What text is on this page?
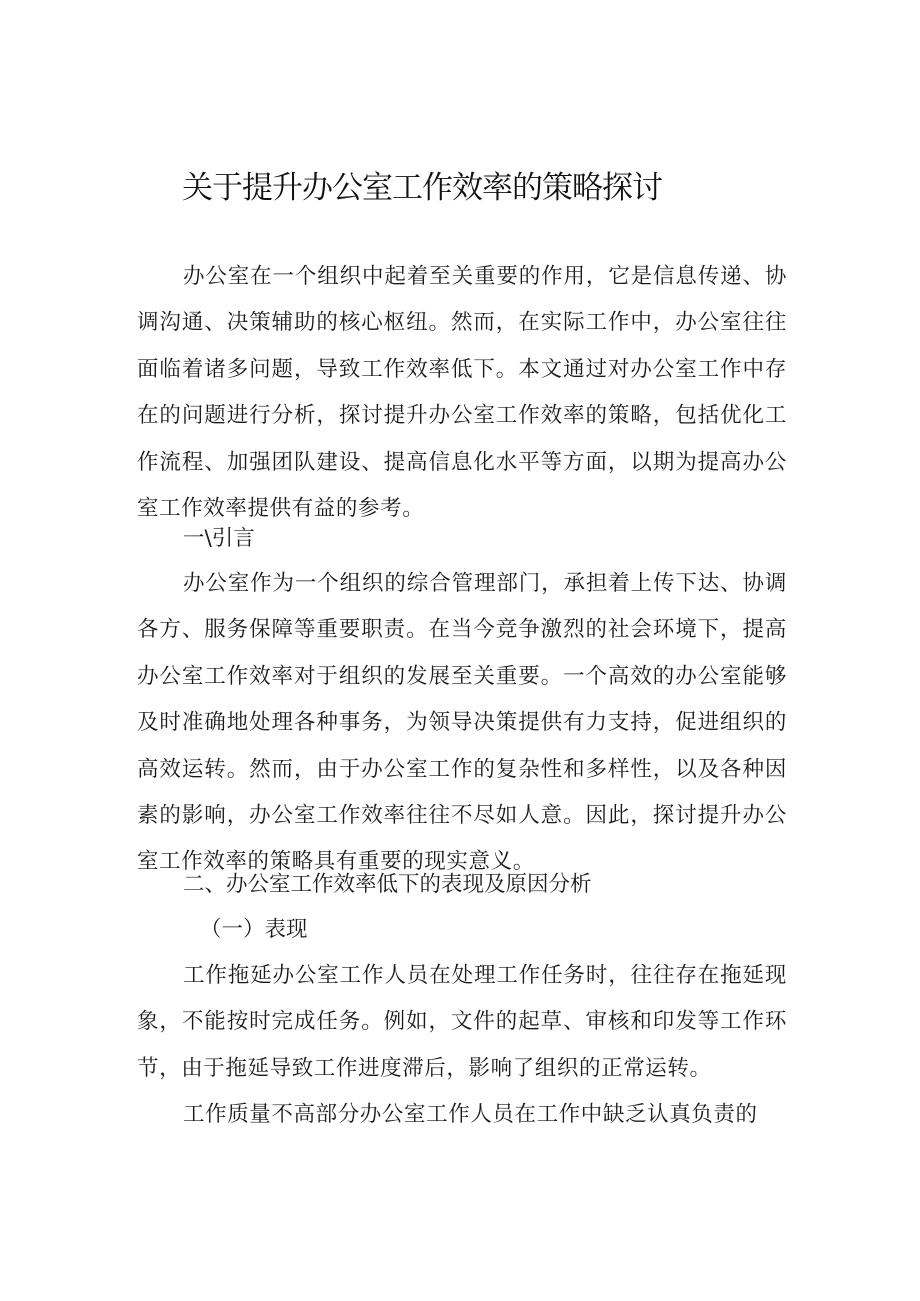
关于提升办公室工作效率的策略探讨

办公室在一个组织中起着至关重要的作用，它是信息传递、协调沟通、决策辅助的核心枢纽。然而，在实际工作中，办公室往往面临着诸多问题，导致工作效率低下。本文通过对办公室工作中存在的问题进行分析，探讨提升办公室工作效率的策略，包括优化工作流程、加强团队建设、提高信息化水平等方面，以期为提高办公室工作效率提供有益的参考。

一\引言

办公室作为一个组织的综合管理部门，承担着上传下达、协调各方、服务保障等重要职责。在当今竞争激烈的社会环境下，提高办公室工作效率对于组织的发展至关重要。一个高效的办公室能够及时准确地处理各种事务，为领导决策提供有力支持，促进组织的高效运转。然而，由于办公室工作的复杂性和多样性，以及各种因素的影响，办公室工作效率往往不尽如人意。因此，探讨提升办公室工作效率的策略具有重要的现实意义。

二、办公室工作效率低下的表现及原因分析
（一）表现

工作拖延办公室工作人员在处理工作任务时，往往存在拖延现象，不能按时完成任务。例如，文件的起草、审核和印发等工作环节，由于拖延导致工作进度滞后，影响了组织的正常运转。

工作质量不高部分办公室工作人员在工作中缺乏认真负责的
